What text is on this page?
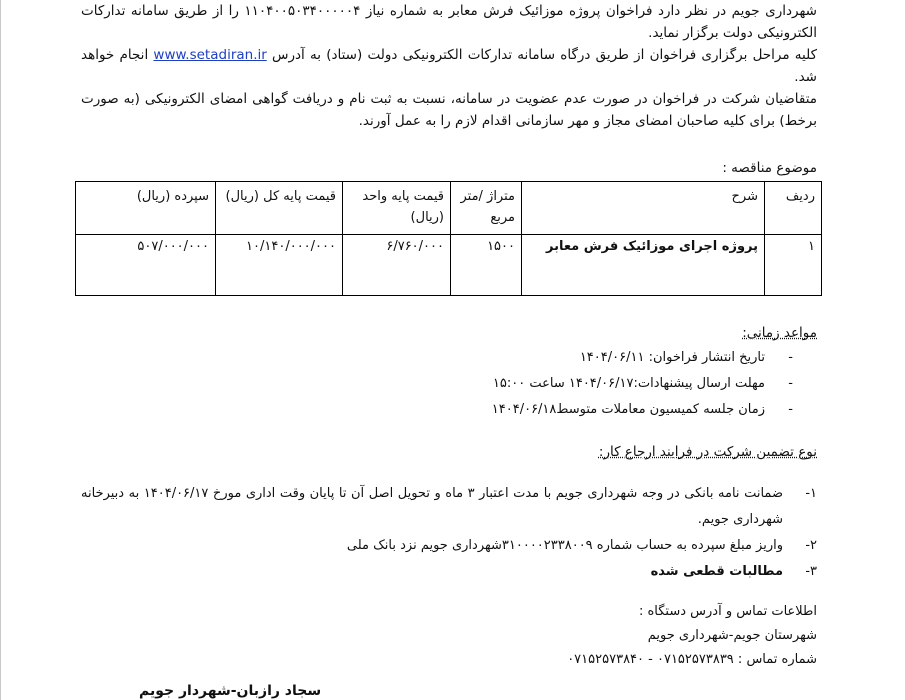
شهرداری جویم در نظر دارد فراخوان پروژه موزائیک فرش معابر به شماره نیاز ۱۱۰۴۰۰۵۰۳۴۰۰۰۰۰۴ را از طریق سامانه تدارکات الکترونیکی دولت برگزار نماید.

کلیه مراحل برگزاری فراخوان از طریق درگاه سامانه تدارکات الکترونیکی دولت (ستاد) به آدرس www.setadiran.ir انجام خواهد شد.

متقاضیان شرکت در فراخوان در صورت عدم عضویت در سامانه، نسبت به ثبت نام و دریافت گواهی امضای الکترونیکی (به صورت برخط) برای کلیه صاحبان امضای مجاز و مهر سازمانی اقدام لازم را به عمل آورند.

موضوع مناقصه :
ردیف	شرح	متراژ /متر مربع	قیمت پایه واحد (ریال)	قیمت پایه کل (ریال)	سپرده (ریال)
۱	پروژه اجرای موزائیک فرش معابر	۱۵۰۰	۶/۷۶۰/۰۰۰	۱۰/۱۴۰/۰۰۰/۰۰۰	۵۰۷/۰۰۰/۰۰۰
مواعد زمانی:
-
تاریخ انتشار فراخوان: ۱۴۰۴/۰۶/۱۱
-
مهلت ارسال پیشنهادات:۱۴۰۴/۰۶/۱۷ ساعت ۱۵:۰۰
-
زمان جلسه کمیسیون معاملات متوسط۱۴۰۴/۰۶/۱۸
نوع تضمین شرکت در فرایند ارجاع کار:
۱-
ضمانت نامه بانکی در وجه شهرداری جویم با مدت اعتبار ۳ ماه و تحویل اصل آن تا پایان وقت اداری مورخ ۱۴۰۴/۰۶/۱۷ به دبیرخانه شهرداری جویم.
۲-
واریز مبلغ سپرده به حساب شماره ۳۱۰۰۰۰۲۳۳۸۰۰۹شهرداری جویم نزد بانک ملی
۳-
مطالبات قطعی شده

اطلاعات تماس و آدرس دستگاه :

شهرستان جویم-شهرداری جویم

شماره تماس : ۰۷۱۵۲۵۷۳۸۳۹ - ۰۷۱۵۲۵۷۳۸۴۰

سجاد رازبان-شهردار جویم
